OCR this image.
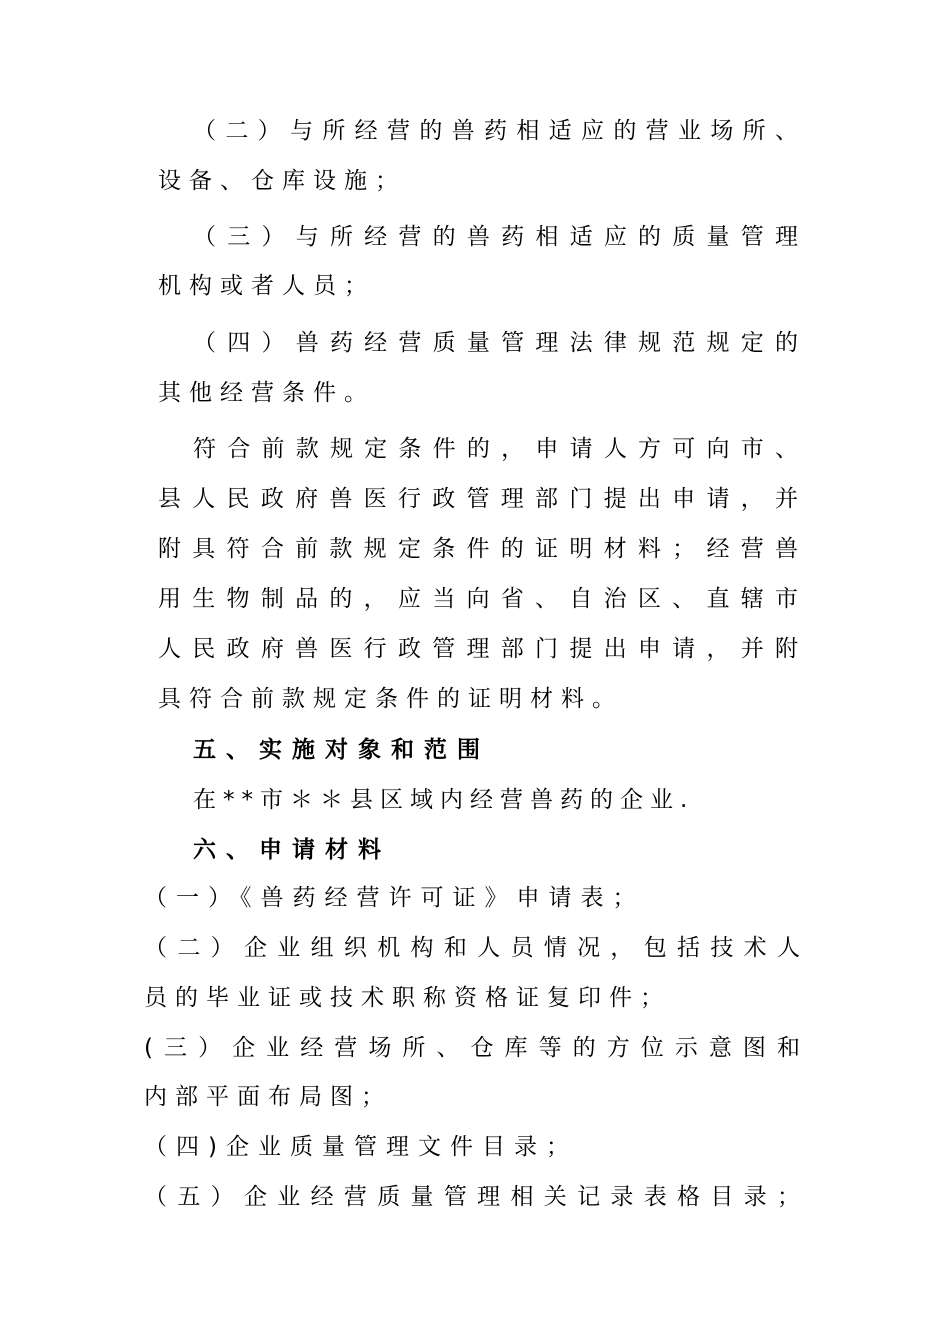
（二）与所经营的兽药相适应的营业场所、
设备、仓库设施；
（三）与所经营的兽药相适应的质量管理
机构或者人员；
（四）兽药经营质量管理法律规范规定的
其他经营条件。
符合前款规定条件的，申请人方可向市、
县人民政府兽医行政管理部门提出申请，并
附具符合前款规定条件的证明材料；经营兽
用生物制品的，应当向省、自治区、直辖市
人民政府兽医行政管理部门提出申请，并附
具符合前款规定条件的证明材料。
五、实施对象和范围
在**市＊＊县区域内经营兽药的企业.
六、申请材料
（一）《兽药经营许可证》申请表；
（二）企业组织机构和人员情况，包括技术人
员的毕业证或技术职称资格证复印件；
(三）企业经营场所、仓库等的方位示意图和
内部平面布局图；
（四)企业质量管理文件目录；
（五）企业经营质量管理相关记录表格目录；
